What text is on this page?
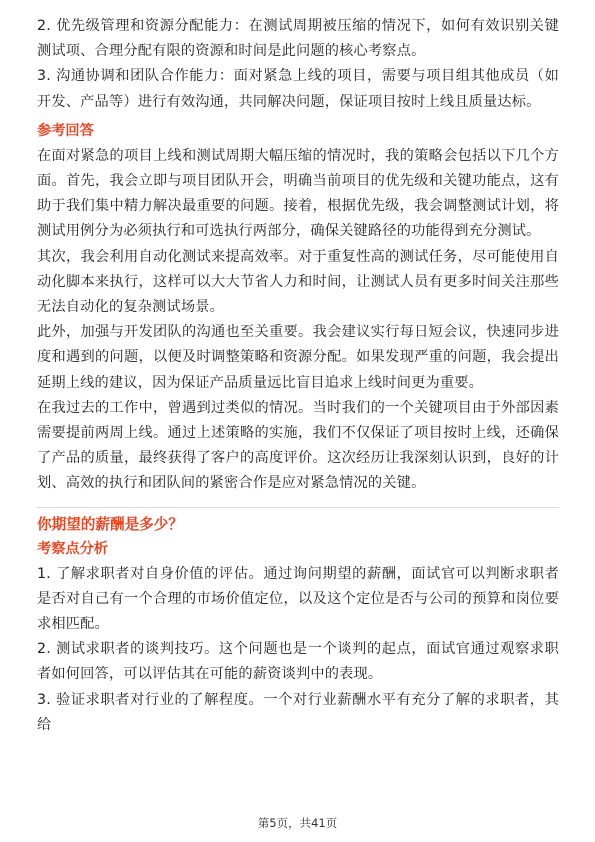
2. 优先级管理和资源分配能力：在测试周期被压缩的情况下，如何有效识别关键测试项、合理分配有限的资源和时间是此问题的核心考察点。

3. 沟通协调和团队合作能力：面对紧急上线的项目，需要与项目组其他成员（如开发、产品等）进行有效沟通，共同解决问题，保证项目按时上线且质量达标。

参考回答

在面对紧急的项目上线和测试周期大幅压缩的情况时，我的策略会包括以下几个方面。首先，我会立即与项目团队开会，明确当前项目的优先级和关键功能点，这有助于我们集中精力解决最重要的问题。接着，根据优先级，我会调整测试计划，将测试用例分为必须执行和可选执行两部分，确保关键路径的功能得到充分测试。

其次，我会利用自动化测试来提高效率。对于重复性高的测试任务，尽可能使用自动化脚本来执行，这样可以大大节省人力和时间，让测试人员有更多时间关注那些无法自动化的复杂测试场景。

此外，加强与开发团队的沟通也至关重要。我会建议实行每日短会议，快速同步进度和遇到的问题，以便及时调整策略和资源分配。如果发现严重的问题，我会提出延期上线的建议，因为保证产品质量远比盲目追求上线时间更为重要。

在我过去的工作中，曾遇到过类似的情况。当时我们的一个关键项目由于外部因素需要提前两周上线。通过上述策略的实施，我们不仅保证了项目按时上线，还确保了产品的质量，最终获得了客户的高度评价。这次经历让我深刻认识到，良好的计划、高效的执行和团队间的紧密合作是应对紧急情况的关键。

你期望的薪酬是多少？
考察点分析

1. 了解求职者对自身价值的评估。通过询问期望的薪酬，面试官可以判断求职者是否对自己有一个合理的市场价值定位，以及这个定位是否与公司的预算和岗位要求相匹配。

2. 测试求职者的谈判技巧。这个问题也是一个谈判的起点，面试官通过观察求职者如何回答，可以评估其在可能的薪资谈判中的表现。

3. 验证求职者对行业的了解程度。一个对行业薪酬水平有充分了解的求职者，其给

第5页，共41页
